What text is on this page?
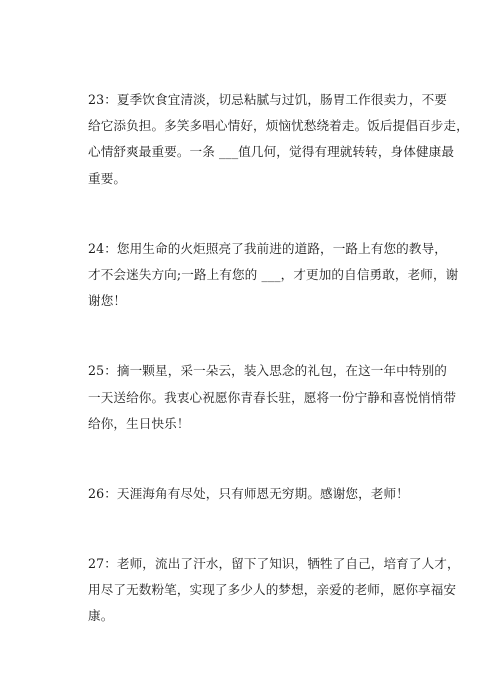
23：夏季饮食宜清淡，切忌粘腻与过饥，肠胃工作很卖力，不要
给它添负担。多笑多唱心情好，烦恼忧愁绕着走。饭后提倡百步走，
心情舒爽最重要。一条 ___值几何，觉得有理就转转，身体健康最
重要。
24：您用生命的火炬照亮了我前进的道路，一路上有您的教导，
才不会迷失方向;一路上有您的 ___，才更加的自信勇敢，老师，谢
谢您！
25：摘一颗星，采一朵云，装入思念的礼包，在这一年中特别的
一天送给你。我衷心祝愿你青春长驻，愿将一份宁静和喜悦悄悄带
给你，生日快乐！
26：天涯海角有尽处，只有师恩无穷期。感谢您，老师！
27：老师，流出了汗水，留下了知识，牺牲了自己，培育了人才，
用尽了无数粉笔，实现了多少人的梦想，亲爱的老师，愿你享福安
康。
